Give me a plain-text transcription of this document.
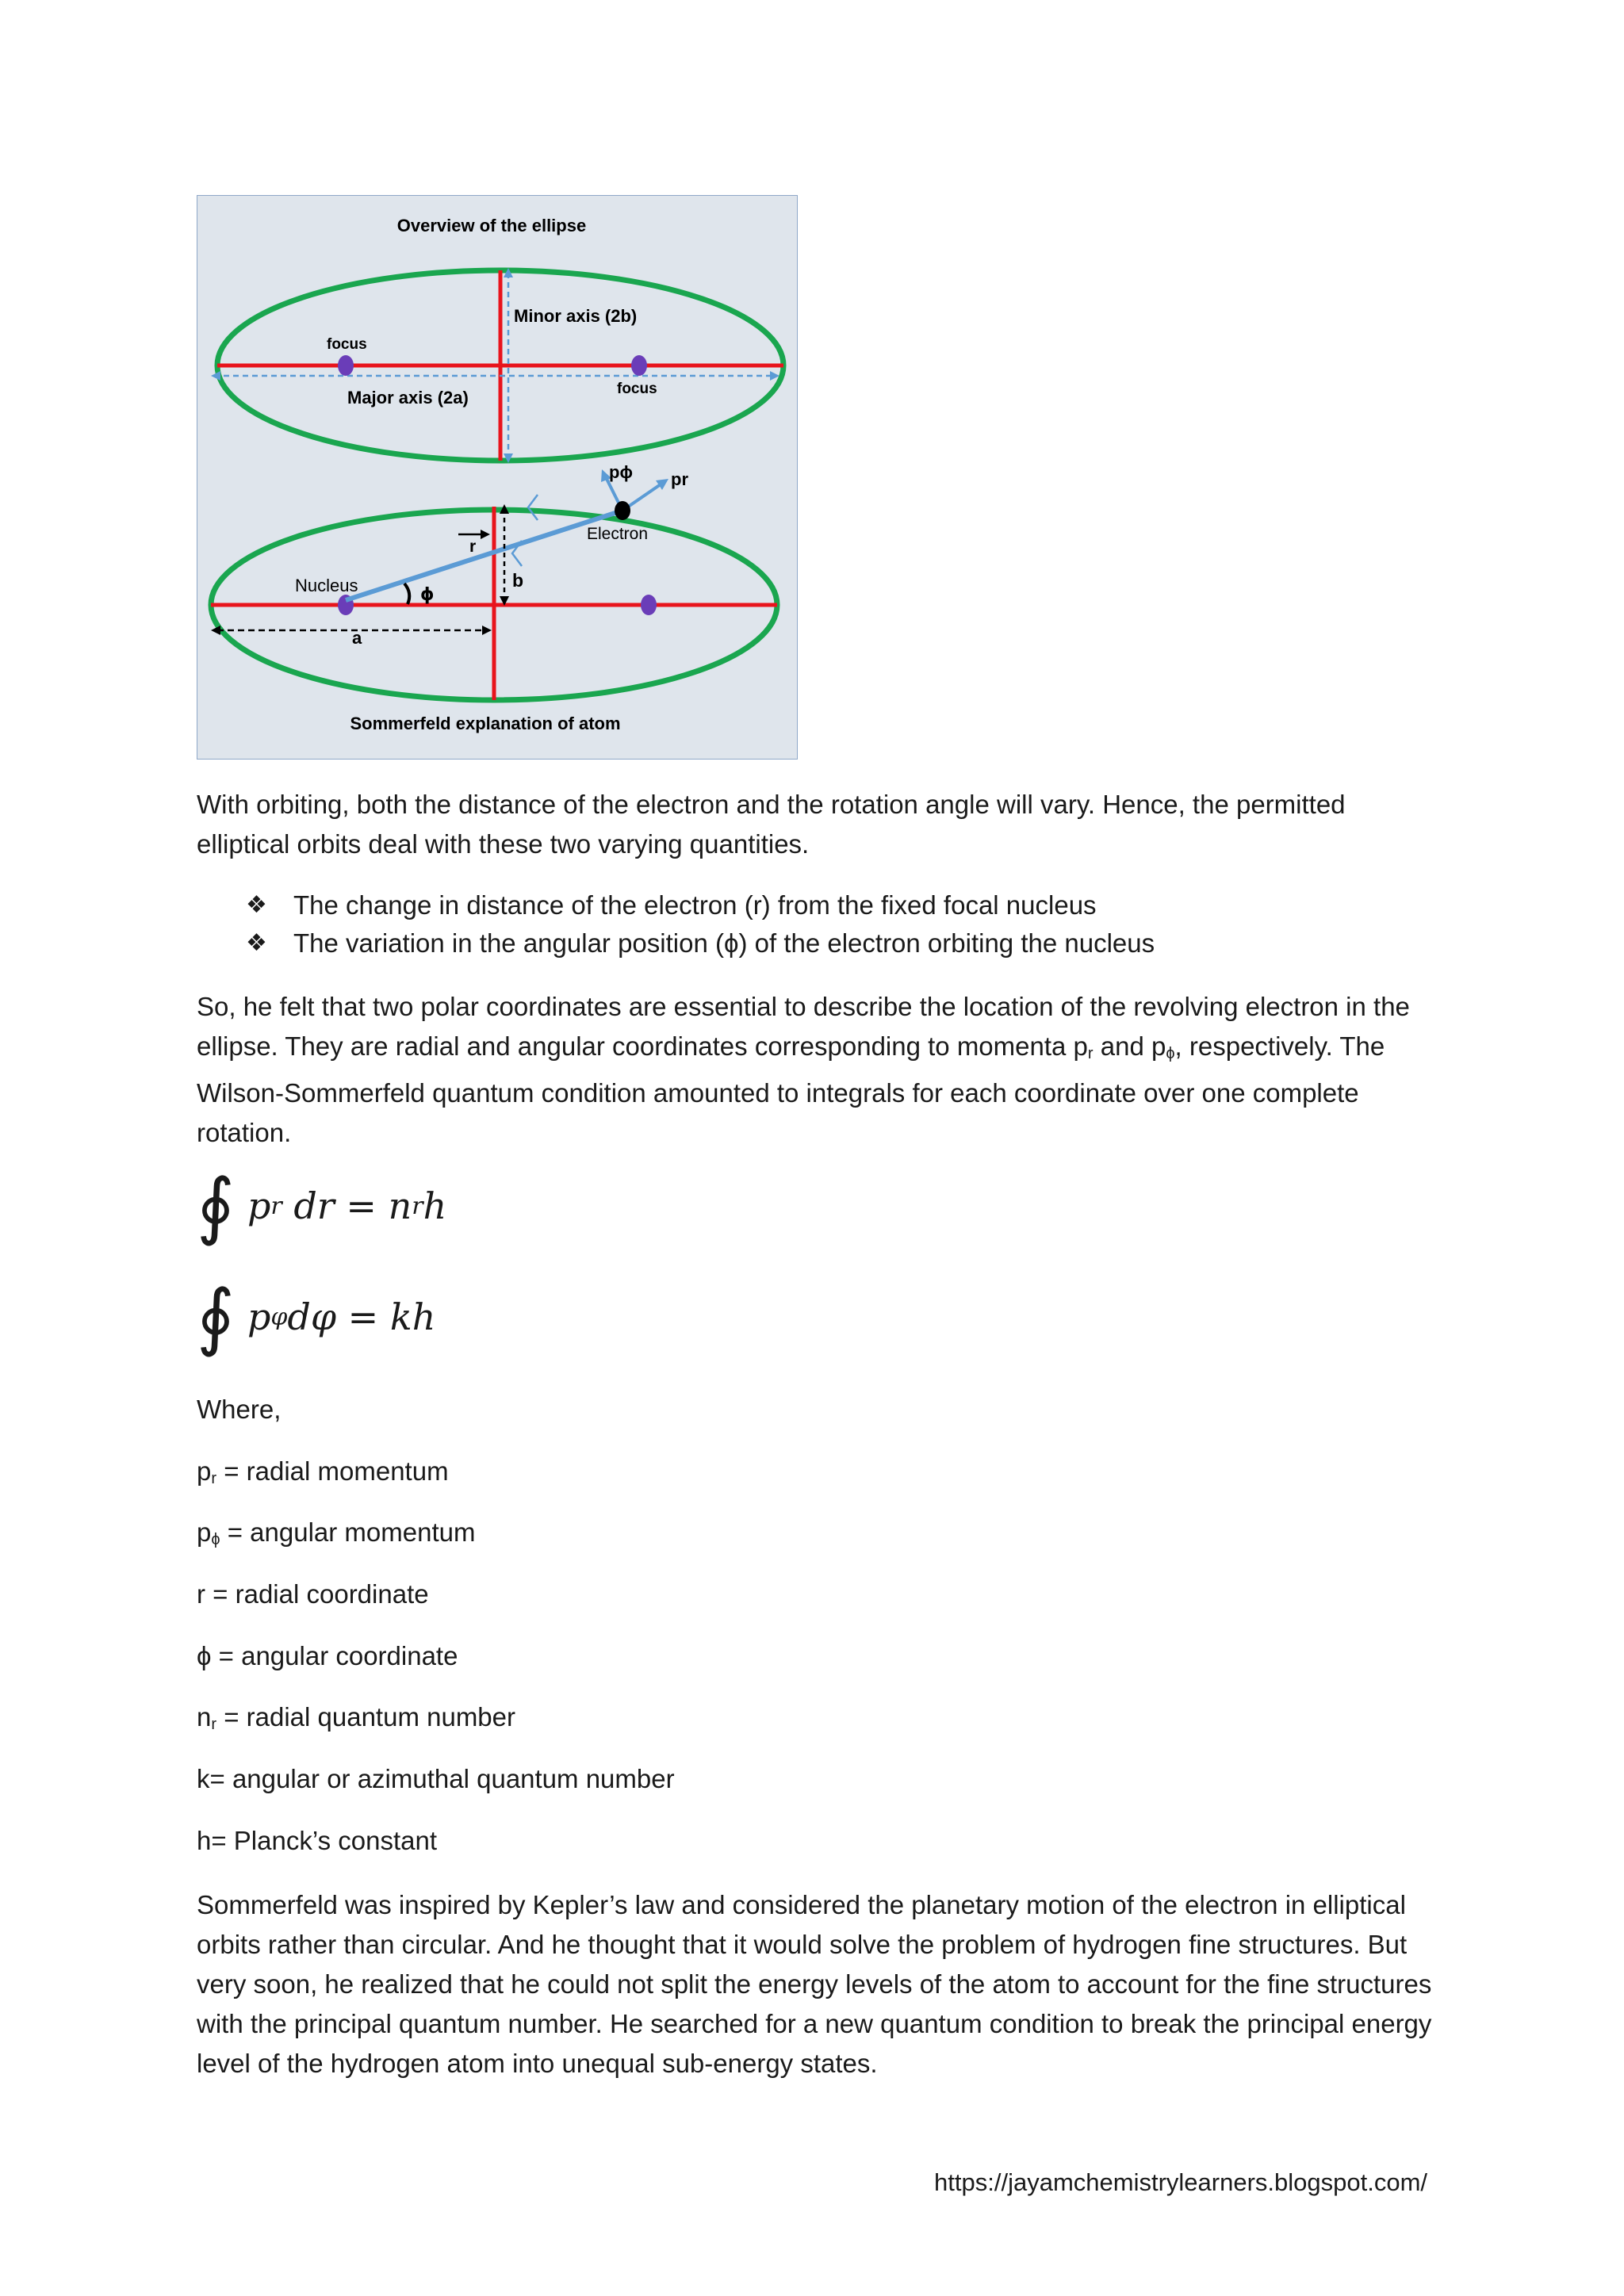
Overview of the ellipse
Minor axis (2b)
focus
focus
Major axis (2a)
pϕ pr
Electron
r
b
Nucleus	ϕ
a
Sommerfeld explanation of atom

With orbiting, both the distance of the electron and the rotation angle will vary. Hence, the permitted elliptical orbits deal with these two varying quantities.

❖	The change in distance of the electron (r) from the fixed focal nucleus
❖	The variation in the angular position (ϕ) of the electron orbiting the nucleus

So, he felt that two polar coordinates are essential to describe the location of the revolving electron in the ellipse. They are radial and angular coordinates corresponding to momenta $p_r$ and $p_\phi$, respectively. The Wilson-Sommerfeld quantum condition amounted to integrals for each coordinate over one complete rotation.

∮ p r dr = n r h
∮ p φ dφ = kh
Where,
$p_r$ = radial momentum
$p_\phi$ = angular momentum
r = radial coordinate
ϕ = angular coordinate
$n_r$ = radial quantum number
k= angular or azimuthal quantum number
h= Planck’s constant

Sommerfeld was inspired by Kepler’s law and considered the planetary motion of the electron in elliptical orbits rather than circular. And he thought that it would solve the problem of hydrogen fine structures. But very soon, he realized that he could not split the energy levels of the atom to account for the fine structures with the principal quantum number. He searched for a new quantum condition to break the principal energy level of the hydrogen atom into unequal sub-energy states.

https://jayamchemistrylearners.blogspot.com/
